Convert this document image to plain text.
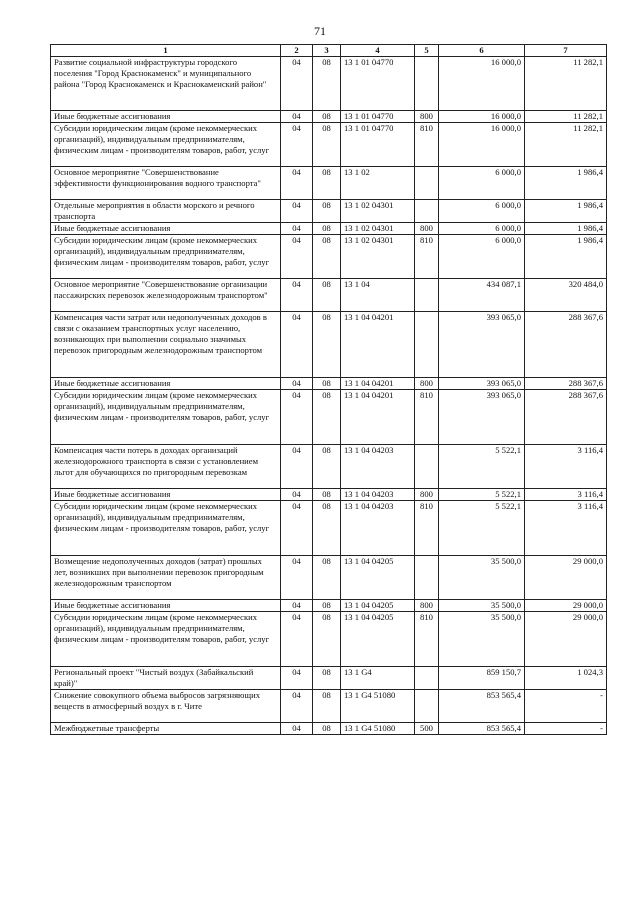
71
1	2	3	4	5	6	7
Развитие социальной инфраструктуры городского поселения "Город Краснокаменск" и муниципального района "Город Краснокаменск и Краснокаменский район"	04	08	13 1 01 04770		16 000,0	11 282,1
Иные бюджетные ассигнования	04	08	13 1 01 04770	800	16 000,0	11 282,1
Субсидии юридическим лицам (кроме некоммерческих организаций), индивидуальным предпринимателям, физическим лицам - производителям товаров, работ, услуг	04	08	13 1 01 04770	810	16 000,0	11 282,1
Основное мероприятие "Совершенствование эффективности функционирования водного транспорта"	04	08	13 1 02		6 000,0	1 986,4
Отдельные мероприятия в области морского и речного транспорта	04	08	13 1 02 04301		6 000,0	1 986,4
Иные бюджетные ассигнования	04	08	13 1 02 04301	800	6 000,0	1 986,4
Субсидии юридическим лицам (кроме некоммерческих организаций), индивидуальным предпринимателям, физическим лицам - производителям товаров, работ, услуг	04	08	13 1 02 04301	810	6 000,0	1 986,4
Основное мероприятие "Совершенствование организации пассажирских перевозок железнодорожным транспортом"	04	08	13 1 04		434 087,1	320 484,0
Компенсация части затрат или недополученных доходов в связи с оказанием транспортных услуг населению, возникающих при выполнении социально значимых перевозок пригородным железнодорожным транспортом	04	08	13 1 04 04201		393 065,0	288 367,6
Иные бюджетные ассигнования	04	08	13 1 04 04201	800	393 065,0	288 367,6
Субсидии юридическим лицам (кроме некоммерческих организаций), индивидуальным предпринимателям, физическим лицам - производителям товаров, работ, услуг	04	08	13 1 04 04201	810	393 065,0	288 367,6
Компенсация части потерь в доходах организаций железнодорожного транспорта в связи с установлением льгот для обучающихся по пригородным перевозкам	04	08	13 1 04 04203		5 522,1	3 116,4
Иные бюджетные ассигнования	04	08	13 1 04 04203	800	5 522,1	3 116,4
Субсидии юридическим лицам (кроме некоммерческих организаций), индивидуальным предпринимателям, физическим лицам - производителям товаров, работ, услуг	04	08	13 1 04 04203	810	5 522,1	3 116,4
Возмещение недополученных доходов (затрат) прошлых лет, возникших при выполнении перевозок пригородным железнодорожным транспортом	04	08	13 1 04 04205		35 500,0	29 000,0
Иные бюджетные ассигнования	04	08	13 1 04 04205	800	35 500,0	29 000,0
Субсидии юридическим лицам (кроме некоммерческих организаций), индивидуальным предпринимателям, физическим лицам - производителям товаров, работ, услуг	04	08	13 1 04 04205	810	35 500,0	29 000,0
Региональный проект "Чистый воздух (Забайкальский край)"	04	08	13 1 G4		859 150,7	1 024,3
Снижение совокупного объема выбросов загрязняющих веществ в атмосферный воздух в г. Чите	04	08	13 1 G4 51080		853 565,4	-
Межбюджетные трансферты	04	08	13 1 G4 51080	500	853 565,4	-
